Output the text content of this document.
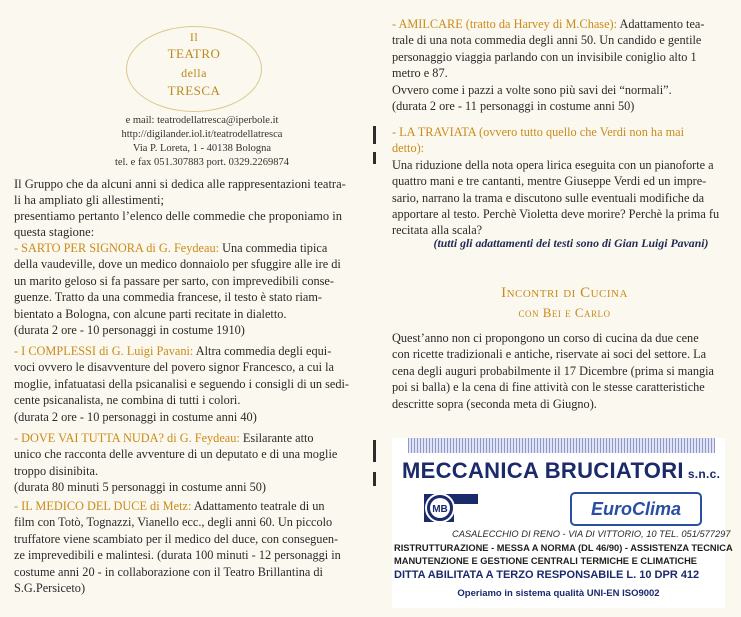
Il
TEATRO
della
TRESCA
e mail: teatrodellatresca@iperbole.it
http://digilander.iol.it/teatrodellatresca
Via P. Loreta, 1 - 40138 Bologna
tel. e fax 051.307883 port. 0329.2269874
Il Gruppo che da alcuni anni si dedica alle rappresentazioni teatra-
li ha ampliato gli allestimenti;
presentiamo pertanto l’elenco delle commedie che proponiamo in
questa stagione:
- SARTO PER SIGNORA di G. Feydeau: Una commedia tipica
della vaudeville, dove un medico donnaiolo per sfuggire alle ire di
un marito geloso si fa passare per sarto, con imprevedibili conse-
guenze. Tratto da una commedia francese, il testo è stato riam-
bientato a Bologna, con alcune parti recitate in dialetto.
(durata 2 ore - 10 personaggi in costume 1910)
- I COMPLESSI di G. Luigi Pavani: Altra commedia degli equi-
voci ovvero le disavventure del povero signor Francesco, a cui la
moglie, infatuatasi della psicanalisi e seguendo i consigli di un sedi-
cente psicanalista, ne combina di tutti i colori.
(durata 2 ore - 10 personaggi in costume anni 40)
- DOVE VAI TUTTA NUDA? di G. Feydeau: Esilarante atto
unico che racconta delle avventure di un deputato e di una moglie
troppo disinibita.
(durata 80 minuti 5 personaggi in costume anni 50)
- IL MEDICO DEL DUCE di Metz: Adattamento teatrale di un
film con Totò, Tognazzi, Vianello ecc., degli anni 60. Un piccolo
truffatore viene scambiato per il medico del duce, con conseguen-
ze imprevedibili e malintesi. (durata 100 minuti - 12 personaggi in
costume anni 20 - in collaborazione con il Teatro Brillantina di
S.G.Persiceto)
- AMILCARE (tratto da Harvey di M.Chase): Adattamento tea-
trale di una nota commedia degli anni 50. Un candido e gentile
personaggio viaggia parlando con un invisibile coniglio alto 1
metro e 87.
Ovvero come i pazzi a volte sono più savi dei “normali”.
(durata 2 ore - 11 personaggi in costume anni 50)
- LA TRAVIATA (ovvero tutto quello che Verdi non ha mai
detto):
Una riduzione della nota opera lirica eseguita con un pianoforte a
quattro mani e tre cantanti, mentre Giuseppe Verdi ed un impre-
sario, narrano la trama e discutono sulle eventuali modifiche da
apportare al testo. Perchè Violetta deve morire? Perchè la prima fu
recitata alla scala?
(tutti gli adattamenti dei testi sono di Gian Luigi Pavani)
Incontri di Cucina
con Bei e Carlo
Quest’anno non ci propongono un corso di cucina da due cene
con ricette tradizionali e antiche, riservate ai soci del settore. La
cena degli auguri probabilmente il 17 Dicembre (prima si mangia
poi si balla) e la cena di fine attività con le stesse caratteristiche
descritte sopra (seconda meta di Giugno).
MECCANICA BRUCIATORI s.n.c.
MB	EuroClima
CASALECCHIO DI RENO - VIA DI VITTORIO, 10 TEL. 051/577297
RISTRUTTURAZIONE - MESSA A NORMA (DL 46/90) - ASSISTENZA TECNICA
MANUTENZIONE E GESTIONE CENTRALI TERMICHE E CLIMATICHE
DITTA ABILITATA A TERZO RESPONSABILE L. 10 DPR 412
Operiamo in sistema qualità UNI-EN ISO9002
